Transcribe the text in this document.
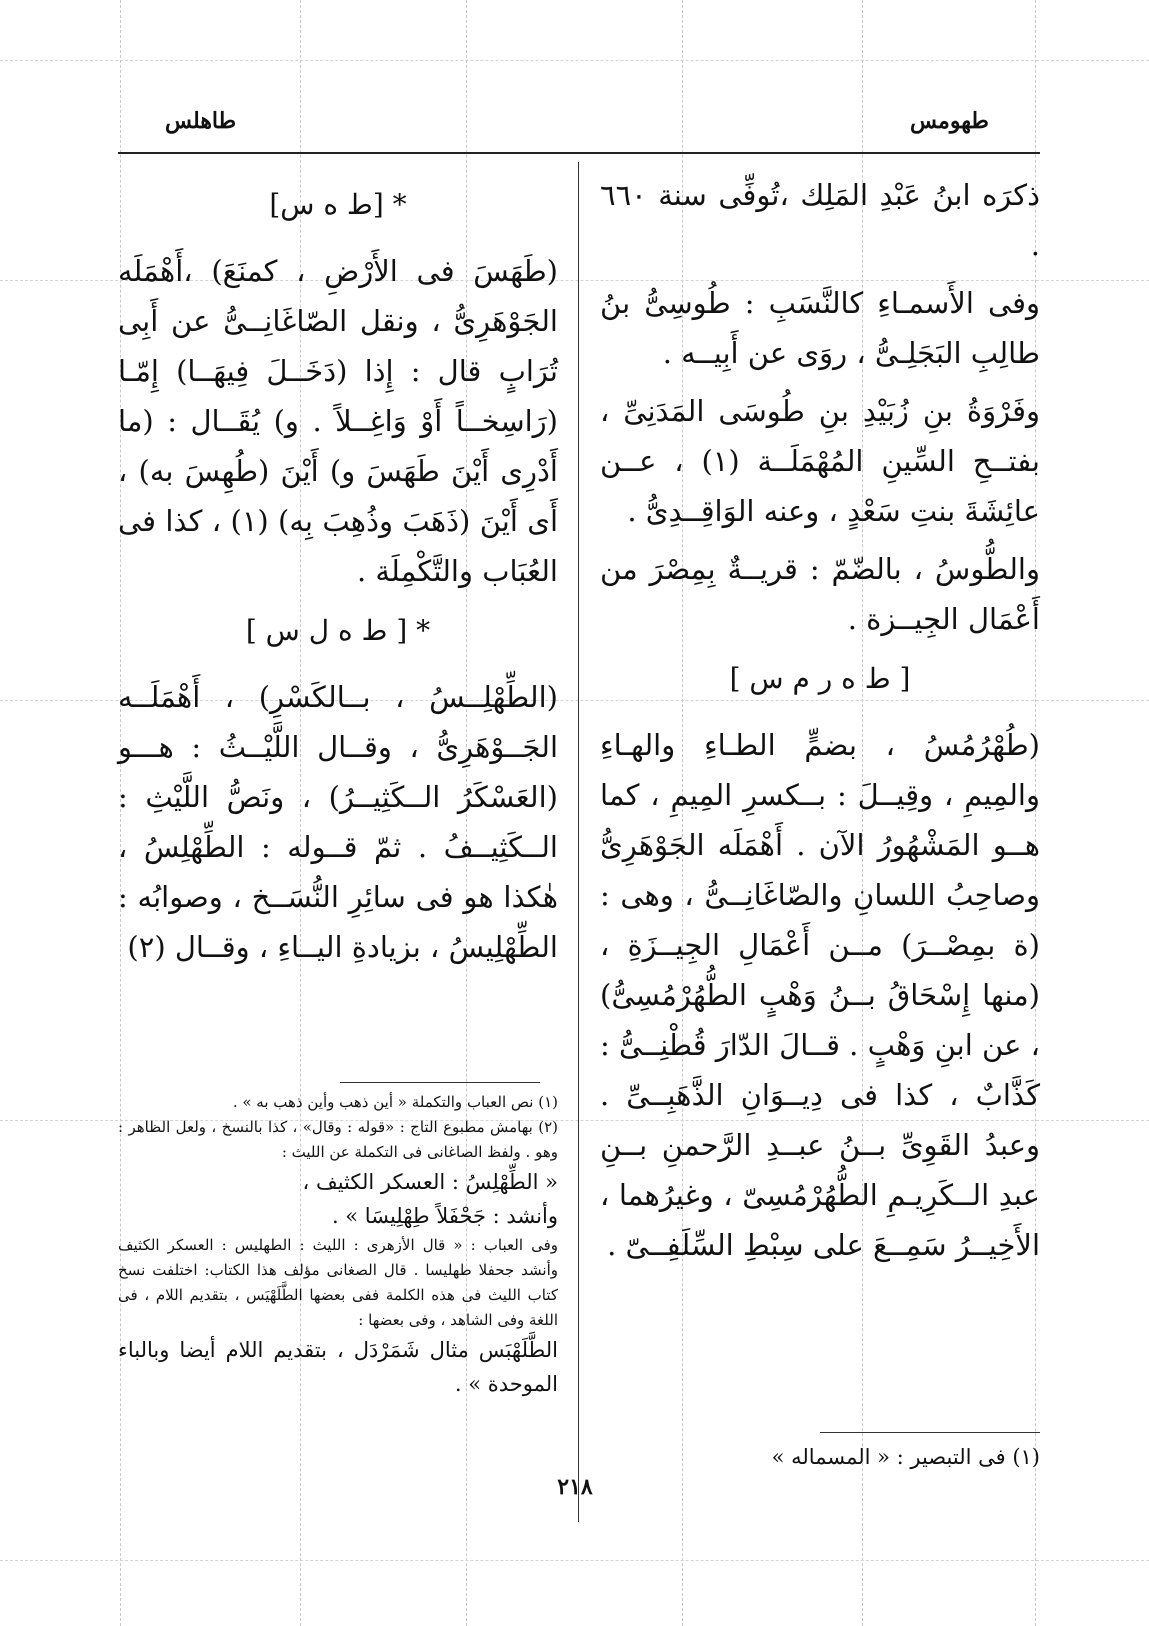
طهومس
طاهلس

ذكرَه ابنُ عَبْدِ المَلِك ،تُوفِّى سنة ٦٦٠ .

وفى الأَسمـاءِ كالنَّسَبِ : طُوسِىُّ بنُ طالِبِ البَجَلِـىُّ ، روَى عن أَبِيــه .

وفَرْوَةُ بنِ زُبَيْدِ بنِ طُوسَى المَدَنِىِّ ، بفتــحِ السِّينِ المُهْمَلَــة (١) ، عــن عائِشَةَ بنتِ سَعْدٍ ، وعنه الوَاقِــدِىُّ .

والطُّوسُ ، بالضّمّ : قريــةٌ بِمِصْرَ من أَعْمَال الجِيــزة .

[ ط ه ر م س ]

(طُهْرُمُسُ ، بضمٍّ الطـاءِ والهـاءِ والمِيمِ ، وقِيــلَ : بــكسرِ المِيمِ ، كما هــو المَشْهُورُ الآن . أَهْمَلَه الجَوْهَرِىُّ وصاحِبُ اللسانِ والصّاغَانِــىُّ ، وهى : (ة بمِصْــرَ) مــن أَعْمَالِ الجِيــزَةِ ، (منها إِسْحَاقُ بــنُ وَهْبٍ الطُّهُرْمُسِىُّ) ، عن ابنِ وَهْبٍ . قــالَ الدّارَ قُطْنِــىُّ : كَذَّابٌ ، كذا فى دِيــوَانِ الذَّهَبِــىِّ . وعبدُ القَوِىِّ بــنُ عبــدِ الرَّحمنِ بــنِ عبدِ الــكَرِيـمِ الطُّهُرْمُسِىّ ، وغيرُهما ، الأَخِيــرُ سَمِــعَ على سِبْطِ السِّلَفِــىّ .

(١) فى التبصير : « المسماله »

* [ط ه س]

(طَهَسَ فى الأَرْضِ ، كمنَعَ) ،أَهْمَلَه الجَوْهَرِىُّ ، ونقل الصّاغَانِــىُّ عن أَبِى تُرَابٍ قال : إِذا (دَخَــلَ فِيهَــا) إِمّـا (رَاسِخــاً أَوْ وَاغِــلاً . و) يُقَــال : (ما أَدْرِى أَيْنَ طَهَسَ و) أَيْنَ (طُهِسَ به) ، أَى أَيْنَ (ذَهَبَ وذُهِبَ بِه) (١) ، كذا فى العُبَاب والتَّكْمِلَة .

* [ ط ه ل س ]

(الطِّهْلِــسُ ، بــالكَسْرِ) ، أَهْمَلَــه الجَــوْهَرِىُّ ، وقــال اللَّيْــثُ : هـــو (العَسْكَرُ الــكَثِيــرُ) ، ونَصُّ اللَّيْثِ : الــكَثِيــفُ . ثمّ قــوله : الطِّهْلِسُ ، هٰكذا هو فى سائِرِ النُّسَــخ ، وصوابُه : الطِّهْلِيسُ ، بزيادةِ اليــاءِ ، وقــال (٢)

(١) نص العباب والتكملة « أين ذهب وأين ذهب به » .

(٢) بهامش مطبوع التاج : «قوله : وقال» ، كذا بالنسخ ، ولعل الظاهر : وهو . ولفظ الصاغانى فى التكملة عن الليث :

« الطِّهْلِسُ : العسكر الكثيف ،

وأنشد : جَحْفَلاً طِهْلِيسَا » .

وفى العباب : « قال الأزهرى : الليث : الطهليس : العسكر الكثيف وأنشد جحفلا طهليسا . قال الصغانى مؤلف هذا الكتاب: اختلفت نسخ كتاب الليث فى هذه الكلمة ففى بعضها الطَّلَهْيَس ، بتقديم اللام ، فى اللغة وفى الشاهد ، وفى بعضها :

الطَّلَهْبَس مثال شَمَرْدَل ، بتقديم اللام أيضا وبالباء الموحدة » .

٢١٨
